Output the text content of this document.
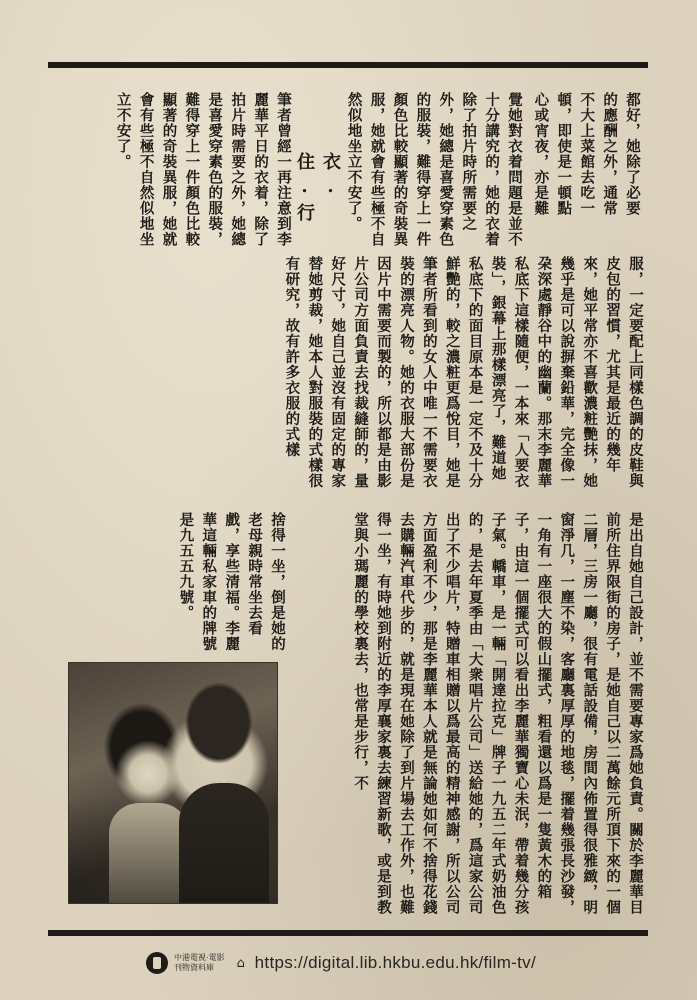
都好，她除了必要的應酬之外，通常不大上菜館去吃一頓，即使是一頓點心或宵夜，亦是難

覺她對衣着問題是並不十分講究的，她的衣着除了拍片時所需要之外，她總是喜愛穿素色的服裝，難得穿上一件顏色比較顯著的奇裝異服，她就會有些極不自然似地坐立不安了。

衣.住.行

筆者曾經一再注意到李麗華平日的衣着，除了拍片時需要之外，她總是喜愛穿素色的服裝，難得穿上一件顏色比較顯著的奇裝異服，她就會有些極不自然似地坐立不安了。

服，一定要配上同樣色調的皮鞋與皮包的習慣，尤其是最近的幾年來，她平常亦不喜歡濃粧艷抹，她幾乎是可以說摒棄鉛華，完全像一朶深處靜谷中的幽蘭。那末李麗華私底下這樣隨便，一本來「人要衣裝」，銀幕上那樣漂亮了，難道她私底下的面目原本是一定不及十分鮮艷的，較之濃粧更爲悅目，她是筆者所看到的女人中唯一不需要衣裝的漂亮人物。她的衣服大部份是因片中需要而製的，所以都是由影片公司方面負責去找裁縫師的，量好尺寸，她自己並沒有固定的專家替她剪裁，她本人對服裝的式樣很有研究，故有許多衣服的式樣

是出自她自己設計，並不需要專家爲她負責。關於李麗華目前所住界限街的房子，是她自己以二萬餘元所頂下來的一個二層，三房一廳，很有電話設備，房間內佈置得很雅緻，明窗淨几，一塵不染，客廳裏厚厚的地毯，擺着幾張長沙發，一角有一座很大的假山擺式，粗看還以爲是一隻黃木的箱子，由這一個擺式可以看出李麗華獨寶心未泯，帶着幾分孩子氣。轎車，是一輛「開達拉克」牌子一九五二年式奶油色的，是去年夏季由「大衆唱片公司」送給她的，爲這家公司出了不少唱片，特贈車相贈以爲最高的精神感謝，所以公司方面盈利不少，那是李麗華本人就是無論她如何不捨得花錢去購輛汽車代步的，就是現在她除了到片場去工作外，也難得一坐，有時她到附近的李厚襄家裏去練習新歌，或是到教堂與小瑪麗的學校裏去，也常是步行，不

捨得一坐，倒是她的老母親時常坐去看戲，享些清福。李麗華這輛私家車的牌號是九五五九號。

中港電視·電影
刊物資料庫	⌂ https://digital.lib.hkbu.edu.hk/film-tv/
